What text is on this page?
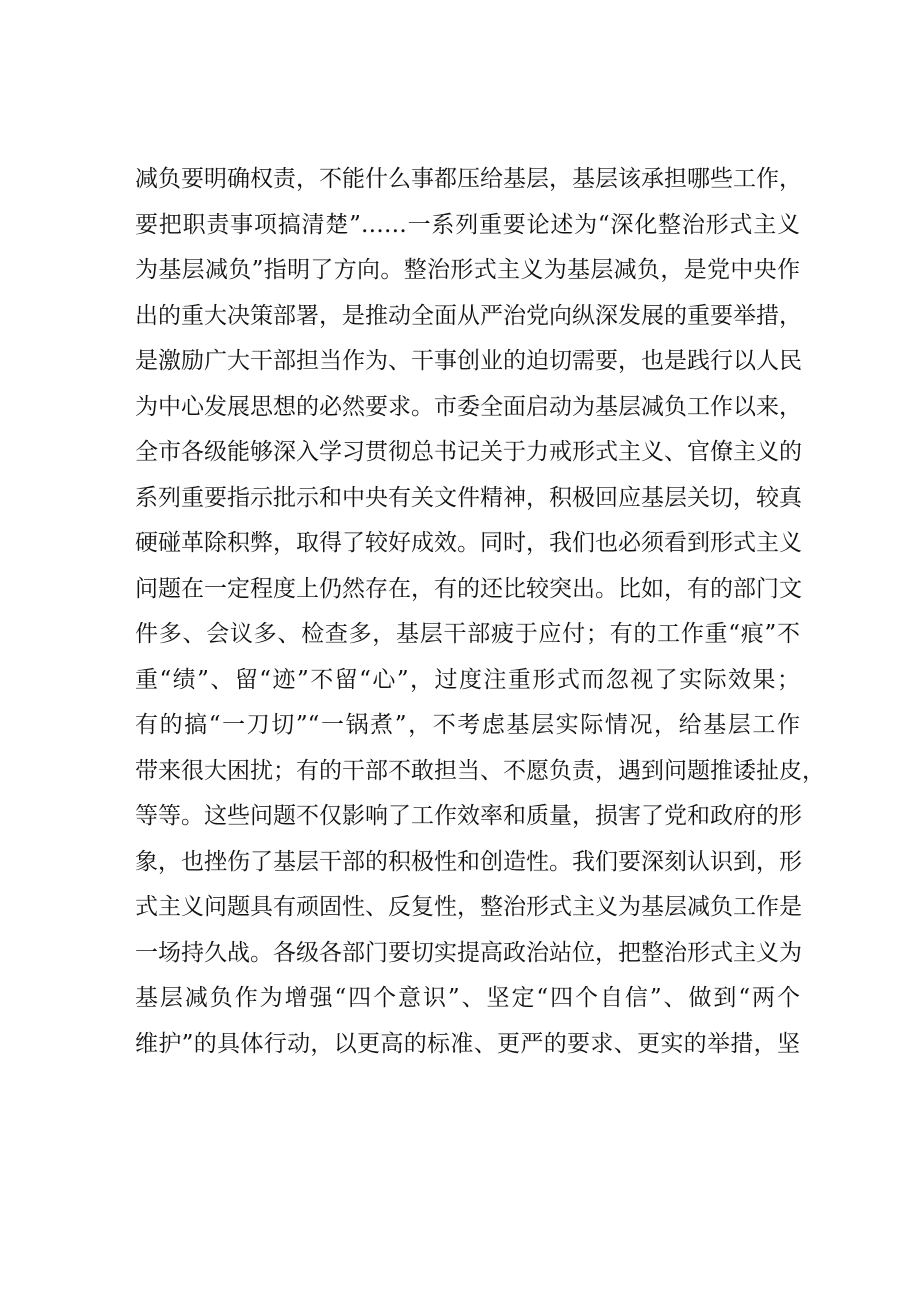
减负要明确权责，不能什么事都压给基层，基层该承担哪些工作，
要把职责事项搞清楚”……一系列重要论述为“深化整治形式主义
为基层减负”指明了方向。整治形式主义为基层减负，是党中央作
出的重大决策部署，是推动全面从严治党向纵深发展的重要举措，
是激励广大干部担当作为、干事创业的迫切需要，也是践行以人民
为中心发展思想的必然要求。市委全面启动为基层减负工作以来，
全市各级能够深入学习贯彻总书记关于力戒形式主义、官僚主义的
系列重要指示批示和中央有关文件精神，积极回应基层关切，较真
硬碰革除积弊，取得了较好成效。同时，我们也必须看到形式主义
问题在一定程度上仍然存在，有的还比较突出。比如，有的部门文
件多、会议多、检查多，基层干部疲于应付；有的工作重“痕”不
重“绩”、留“迹”不留“心”，过度注重形式而忽视了实际效果；
有的搞“一刀切”“一锅煮”，不考虑基层实际情况，给基层工作
带来很大困扰；有的干部不敢担当、不愿负责，遇到问题推诿扯皮，
等等。这些问题不仅影响了工作效率和质量，损害了党和政府的形
象，也挫伤了基层干部的积极性和创造性。我们要深刻认识到，形
式主义问题具有顽固性、反复性，整治形式主义为基层减负工作是
一场持久战。各级各部门要切实提高政治站位，把整治形式主义为
基层减负作为增强“四个意识”、坚定“四个自信”、做到“两个
维护”的具体行动，以更高的标准、更严的要求、更实的举措，坚
